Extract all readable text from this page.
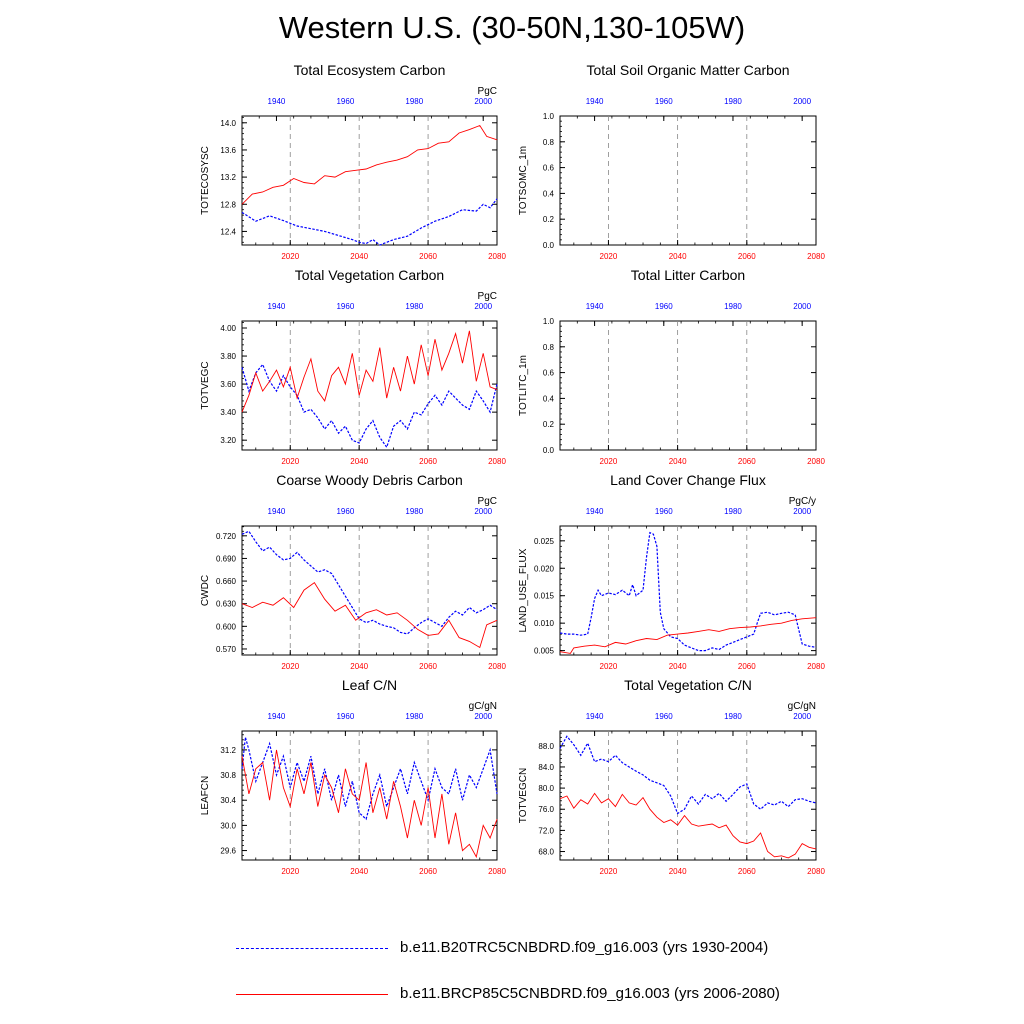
Western U.S. (30-50N,130-105W)
Total Ecosystem Carbon
PgC
12.4
12.8
13.2
13.6
14.0
TOTECOSYSC
2020	2040	2060	2080
1940	1960	1980	2000
Total Soil Organic Matter Carbon
0.0
0.2
0.4
0.6
0.8
1.0
TOTSOMC_1m
2020	2040	2060	2080
1940	1960	1980	2000
Total Vegetation Carbon
PgC
3.20
3.40
3.60
3.80
4.00
TOTVEGC
2020	2040	2060	2080
1940	1960	1980	2000
Total Litter Carbon
0.0
0.2
0.4
0.6
0.8
1.0
TOTLITC_1m
2020	2040	2060	2080
1940	1960	1980	2000
Coarse Woody Debris Carbon
PgC
0.570
0.600
0.630
0.660
0.690
0.720
CWDC
2020	2040	2060	2080
1940	1960	1980	2000
Land Cover Change Flux
PgC/y
0.005
0.010
0.015
0.020
0.025
LAND_USE_FLUX
2020	2040	2060	2080
1940	1960	1980	2000
Leaf C/N
gC/gN
29.6
30.0
30.4
30.8
31.2
LEAFCN
2020	2040	2060	2080
1940	1960	1980	2000
Total Vegetation C/N
gC/gN
68.0
72.0
76.0
80.0
84.0
88.0
TOTVEGCN
2020	2040	2060	2080
1940	1960	1980	2000
b.e11.B20TRC5CNBDRD.f09_g16.003 (yrs 1930-2004)
b.e11.BRCP85C5CNBDRD.f09_g16.003 (yrs 2006-2080)
